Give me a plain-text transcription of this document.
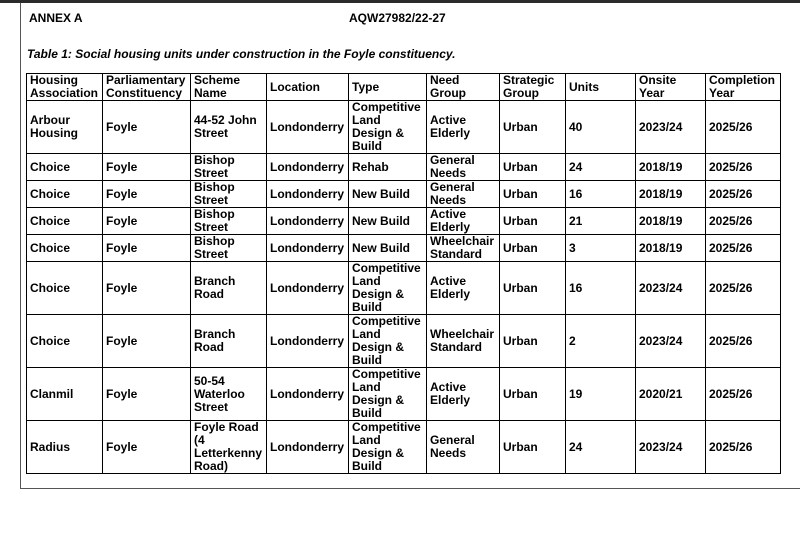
ANNEX A	AQW27982/22-27
Table 1: Social housing units under construction in the Foyle constituency.
Housing Association	Parliamentary Constituency	Scheme Name	Location	Type	Need Group	Strategic Group	Units	Onsite Year	Completion Year
Arbour Housing	Foyle	44-52 John Street	Londonderry	Competitive Land Design & Build	Active Elderly	Urban	40	2023/24	2025/26
Choice	Foyle	Bishop Street	Londonderry	Rehab	General Needs	Urban	24	2018/19	2025/26
Choice	Foyle	Bishop Street	Londonderry	New Build	General Needs	Urban	16	2018/19	2025/26
Choice	Foyle	Bishop Street	Londonderry	New Build	Active Elderly	Urban	21	2018/19	2025/26
Choice	Foyle	Bishop Street	Londonderry	New Build	Wheelchair Standard	Urban	3	2018/19	2025/26
Choice	Foyle	Branch Road	Londonderry	Competitive Land Design & Build	Active Elderly	Urban	16	2023/24	2025/26
Choice	Foyle	Branch Road	Londonderry	Competitive Land Design & Build	Wheelchair Standard	Urban	2	2023/24	2025/26
Clanmil	Foyle	50-54 Waterloo Street	Londonderry	Competitive Land Design & Build	Active Elderly	Urban	19	2020/21	2025/26
Radius	Foyle	Foyle Road (4 Letterkenny Road)	Londonderry	Competitive Land Design & Build	General Needs	Urban	24	2023/24	2025/26
